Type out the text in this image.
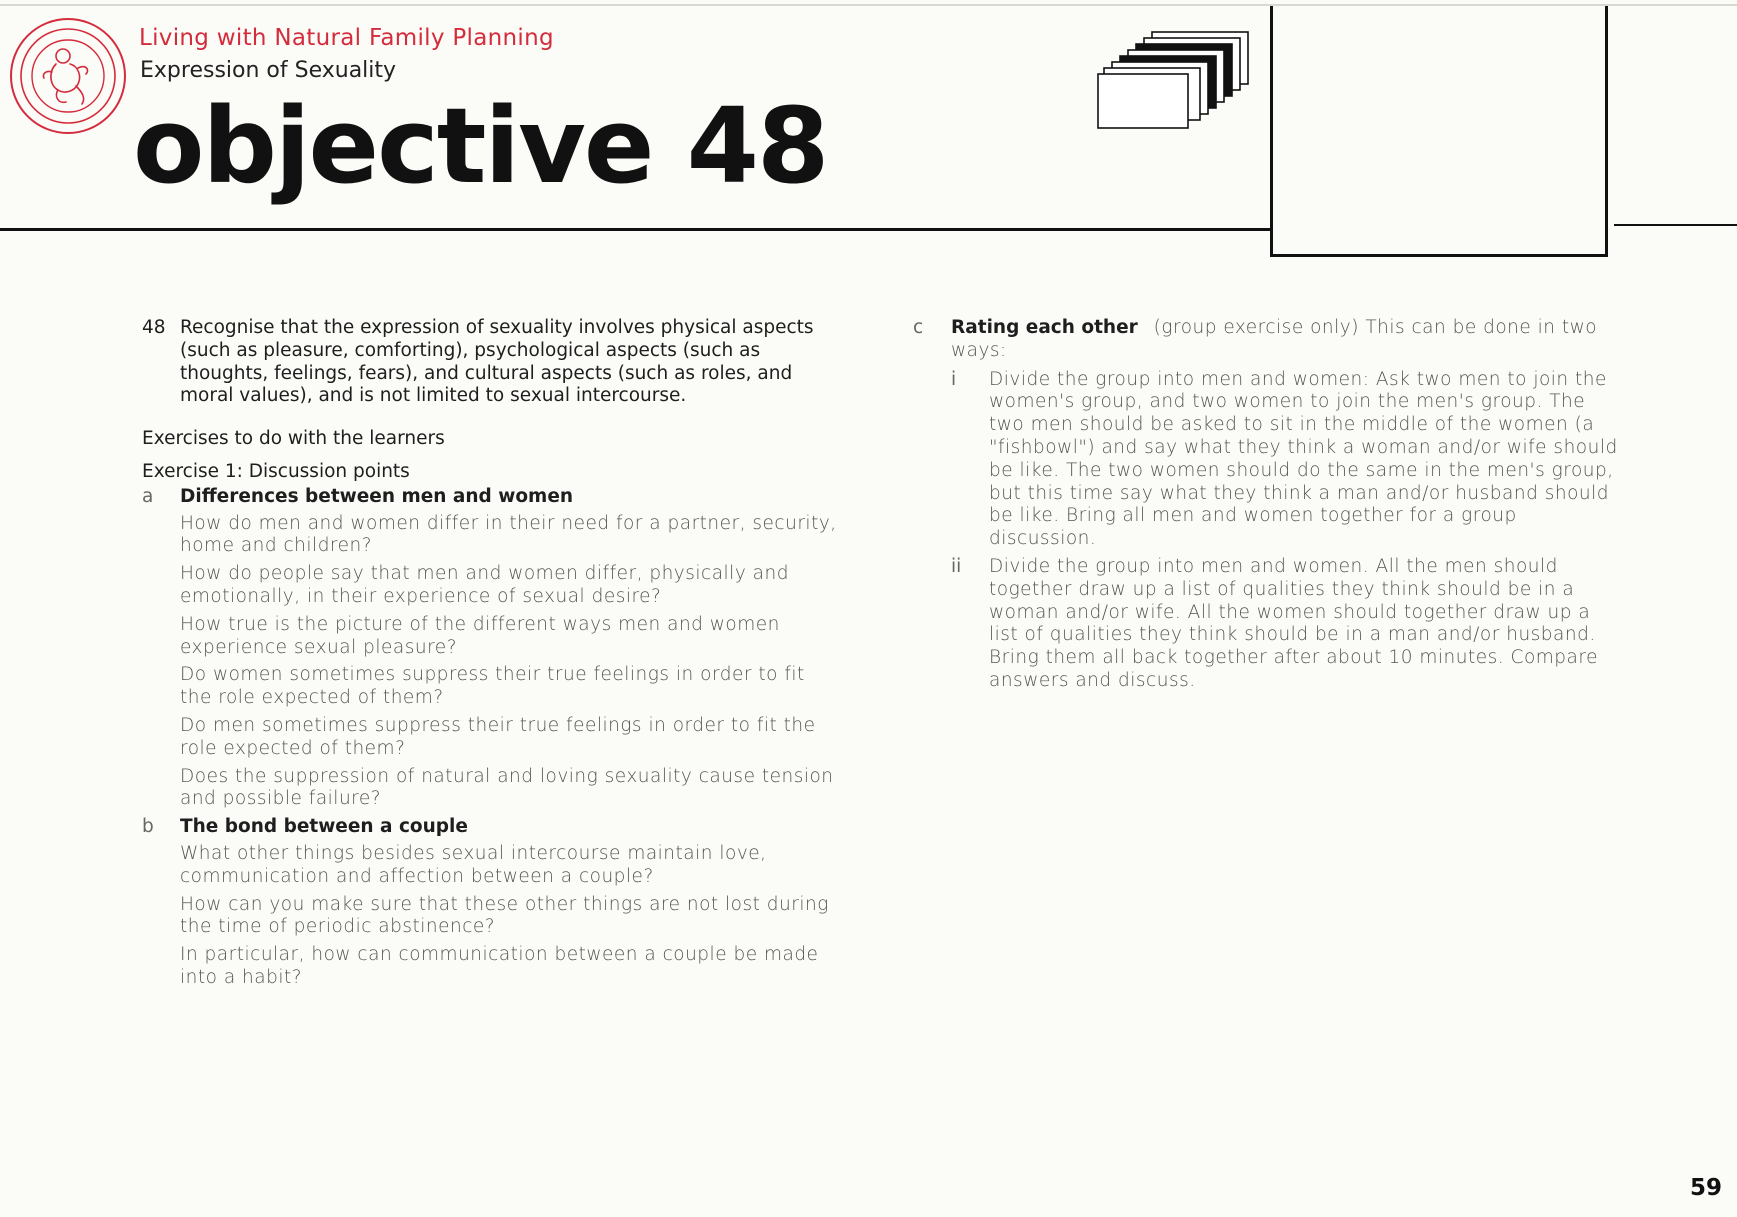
Living with Natural Family Planning
Expression of Sexuality
objective 48
48 Recognise that the expression of sexuality involves physical aspects (such as pleasure, comforting), psychological aspects (such as thoughts, feelings, fears), and cultural aspects (such as roles, and moral values), and is not limited to sexual intercourse.
Exercises to do with the learners
Exercise 1: Discussion points
a Differences between men and women
How do men and women differ in their need for a partner, security, home and children?
How do people say that men and women differ, physically and emotionally, in their experience of sexual desire?
How true is the picture of the different ways men and women experience sexual pleasure?
Do women sometimes suppress their true feelings in order to fit the role expected of them?
Do men sometimes suppress their true feelings in order to fit the role expected of them?
Does the suppression of natural and loving sexuality cause tension and possible failure?
b The bond between a couple
What other things besides sexual intercourse maintain love, communication and affection between a couple?
How can you make sure that these other things are not lost during the time of periodic abstinence?
In particular, how can communication between a couple be made into a habit?
c Rating each other (group exercise only) This can be done in two ways:
i Divide the group into men and women: Ask two men to join the women's group, and two women to join the men's group. The two men should be asked to sit in the middle of the women (a "fishbowl") and say what they think a woman and/or wife should be like. The two women should do the same in the men's group, but this time say what they think a man and/or husband should be like. Bring all men and women together for a group discussion.
ii Divide the group into men and women. All the men should together draw up a list of qualities they think should be in a woman and/or wife. All the women should together draw up a list of qualities they think should be in a man and/or husband. Bring them all back together after about 10 minutes. Compare answers and discuss.
59
